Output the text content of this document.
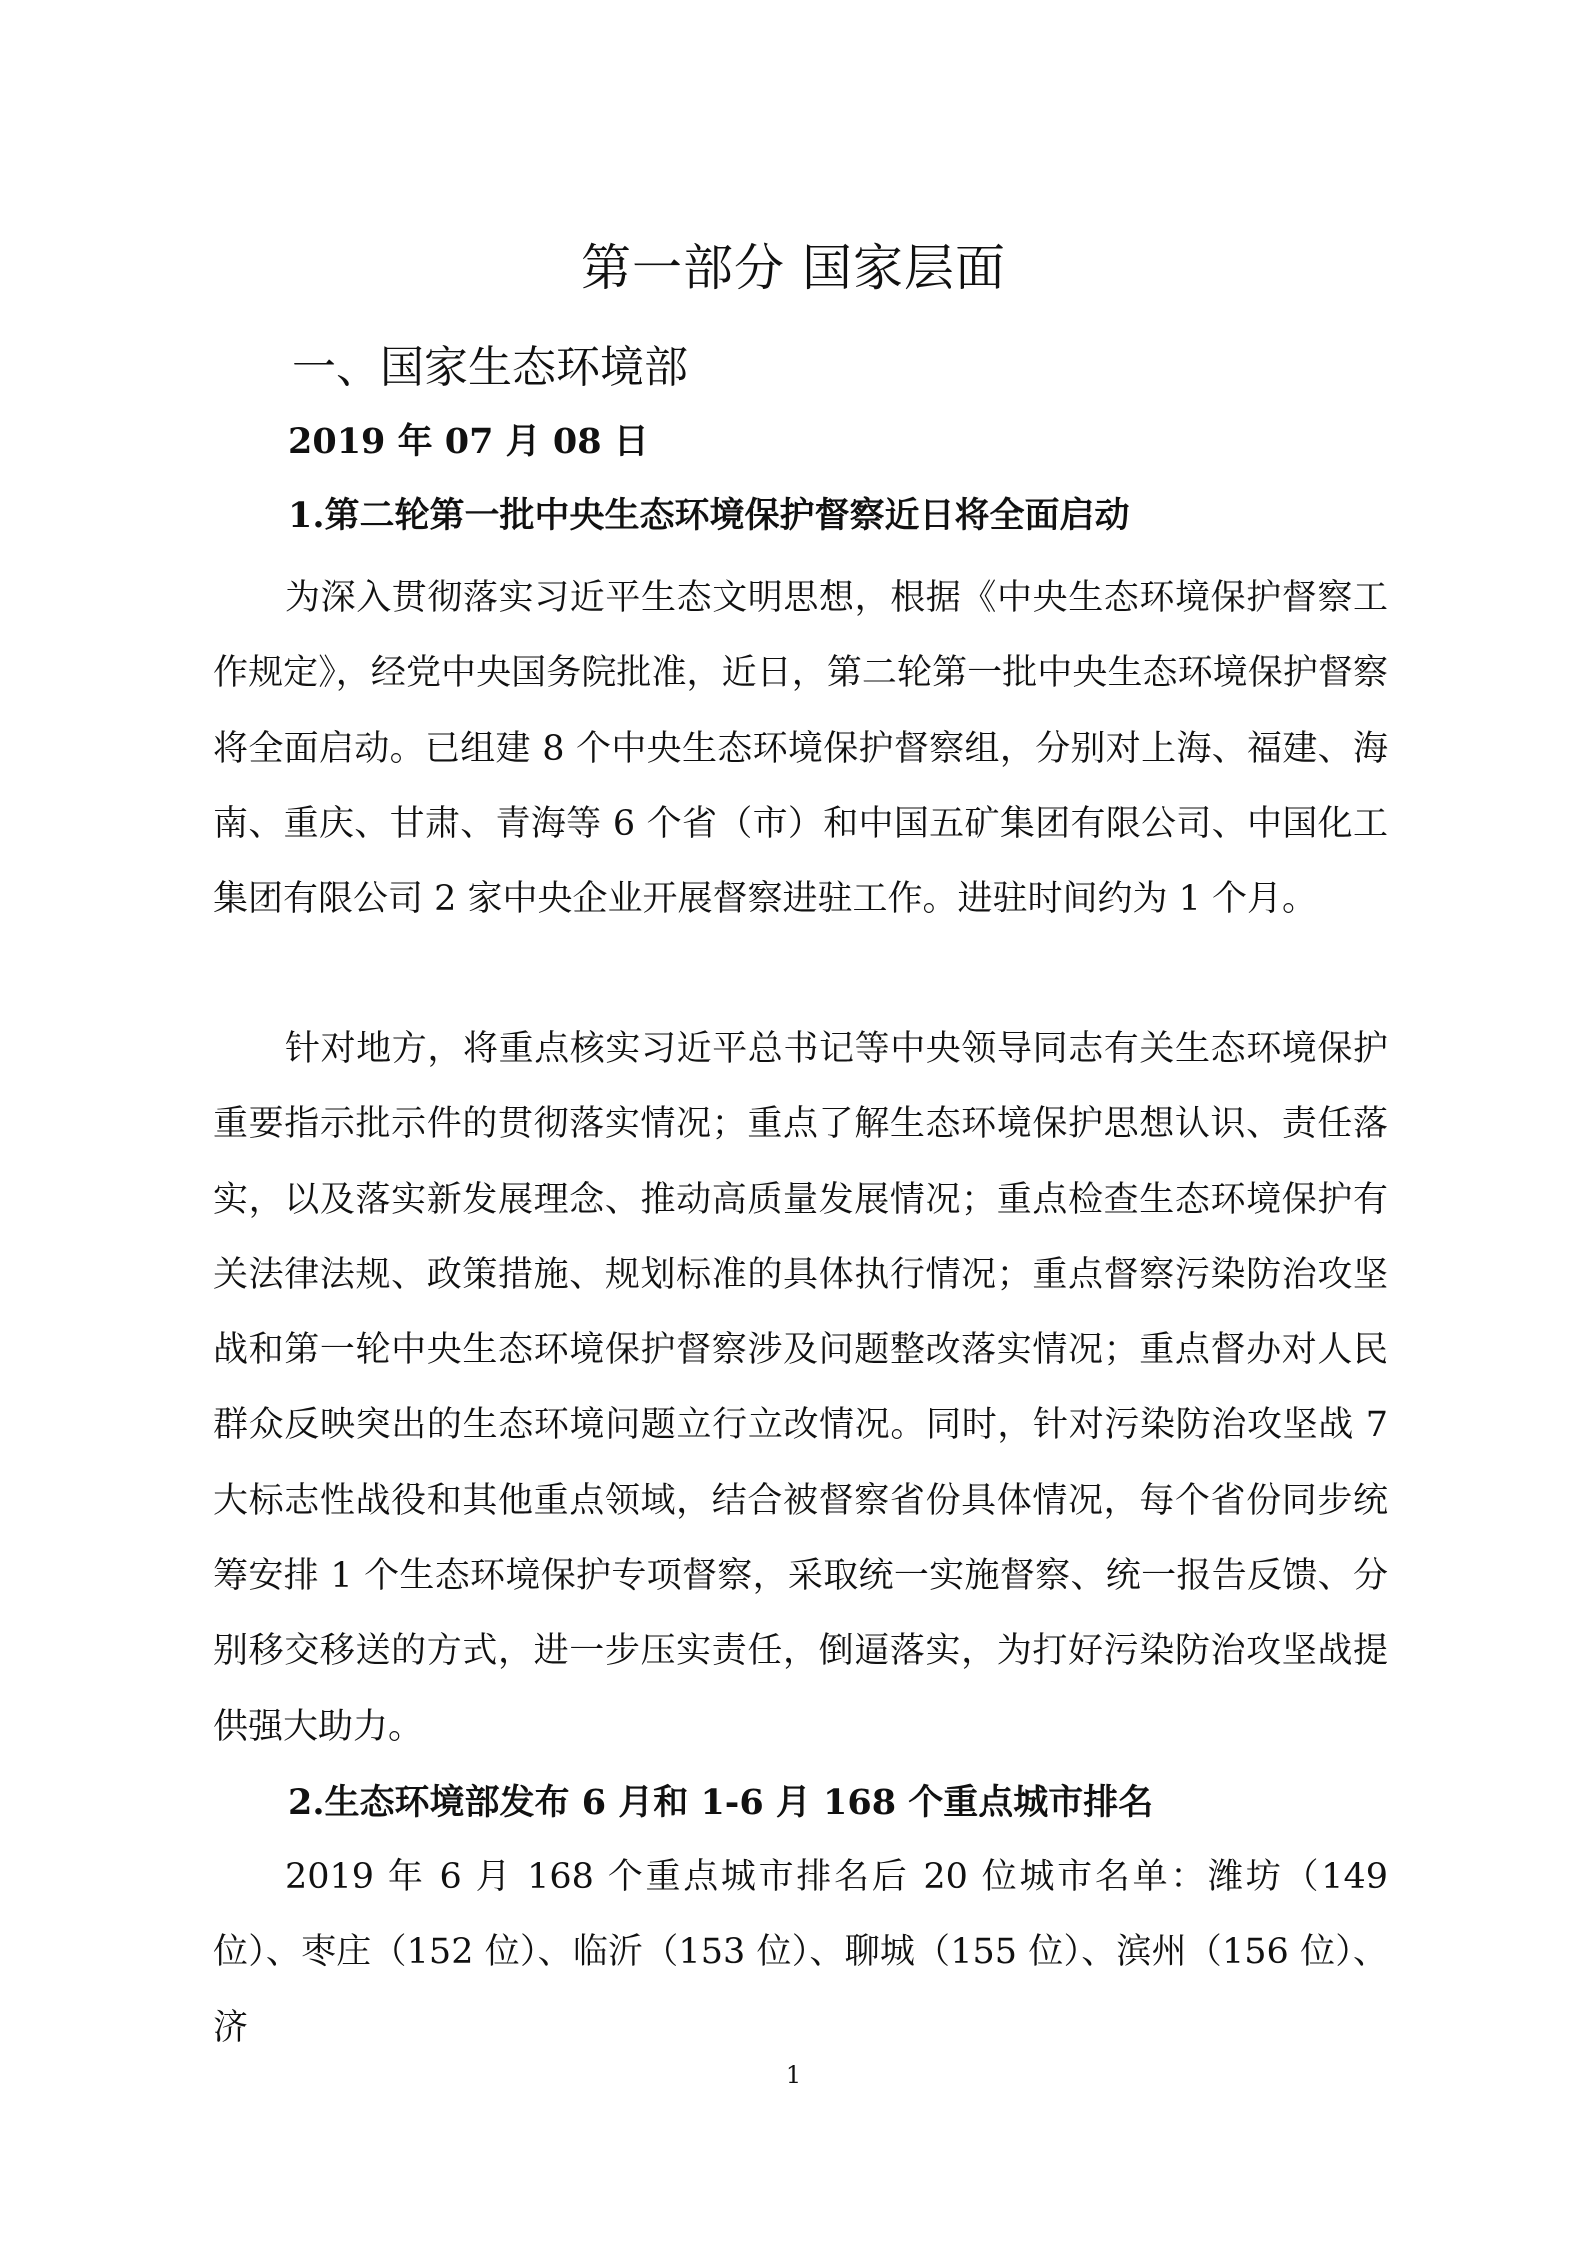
第一部分 国家层面
一、国家生态环境部
2019 年 07 月 08 日
1.第二轮第一批中央生态环境保护督察近日将全面启动

为深入贯彻落实习近平生态文明思想，根据《中央生态环境保护督察工作规定》，经党中央国务院批准，近日，第二轮第一批中央生态环境保护督察将全面启动。已组建 8 个中央生态环境保护督察组，分别对上海、福建、海南、重庆、甘肃、青海等 6 个省（市）和中国五矿集团有限公司、中国化工集团有限公司 2 家中央企业开展督察进驻工作。进驻时间约为 1 个月。

针对地方，将重点核实习近平总书记等中央领导同志有关生态环境保护重要指示批示件的贯彻落实情况；重点了解生态环境保护思想认识、责任落实，以及落实新发展理念、推动高质量发展情况；重点检查生态环境保护有关法律法规、政策措施、规划标准的具体执行情况；重点督察污染防治攻坚战和第一轮中央生态环境保护督察涉及问题整改落实情况；重点督办对人民群众反映突出的生态环境问题立行立改情况。同时，针对污染防治攻坚战 7 大标志性战役和其他重点领域，结合被督察省份具体情况，每个省份同步统筹安排 1 个生态环境保护专项督察，采取统一实施督察、统一报告反馈、分别移交移送的方式，进一步压实责任，倒逼落实，为打好污染防治攻坚战提供强大助力。

2.生态环境部发布 6 月和 1-6 月 168 个重点城市排名

2019 年 6 月 168 个重点城市排名后 20 位城市名单：潍坊（149 位）、枣庄（152 位）、临沂（153 位）、聊城（155 位）、滨州（156 位）、济

1
